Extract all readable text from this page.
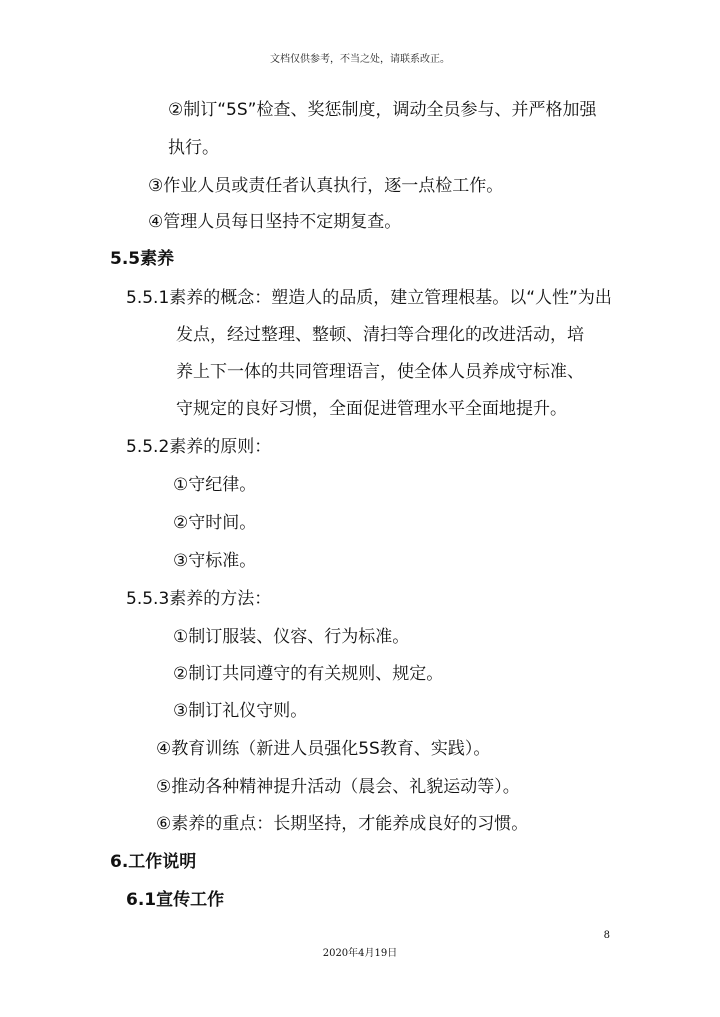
文档仅供参考，不当之处，请联系改正。
②制订“5S”检查、奖惩制度，调动全员参与、并严格加强
执行。
③作业人员或责任者认真执行，逐一点检工作。
④管理人员每日坚持不定期复查。
5.5素养
5.5.1素养的概念：塑造人的品质，建立管理根基。以“人性”为出
发点，经过整理、整顿、清扫等合理化的改进活动，培
养上下一体的共同管理语言，使全体人员养成守标准、
守规定的良好习惯，全面促进管理水平全面地提升。
5.5.2素养的原则：
①守纪律。
②守时间。
③守标准。
5.5.3素养的方法：
①制订服装、仪容、行为标准。
②制订共同遵守的有关规则、规定。
③制订礼仪守则。
④教育训练（新进人员强化5S教育、实践）。
⑤推动各种精神提升活动（晨会、礼貌运动等）。
⑥素养的重点：长期坚持，才能养成良好的习惯。
6.工作说明
6.1宣传工作
8
2020年4月19日
